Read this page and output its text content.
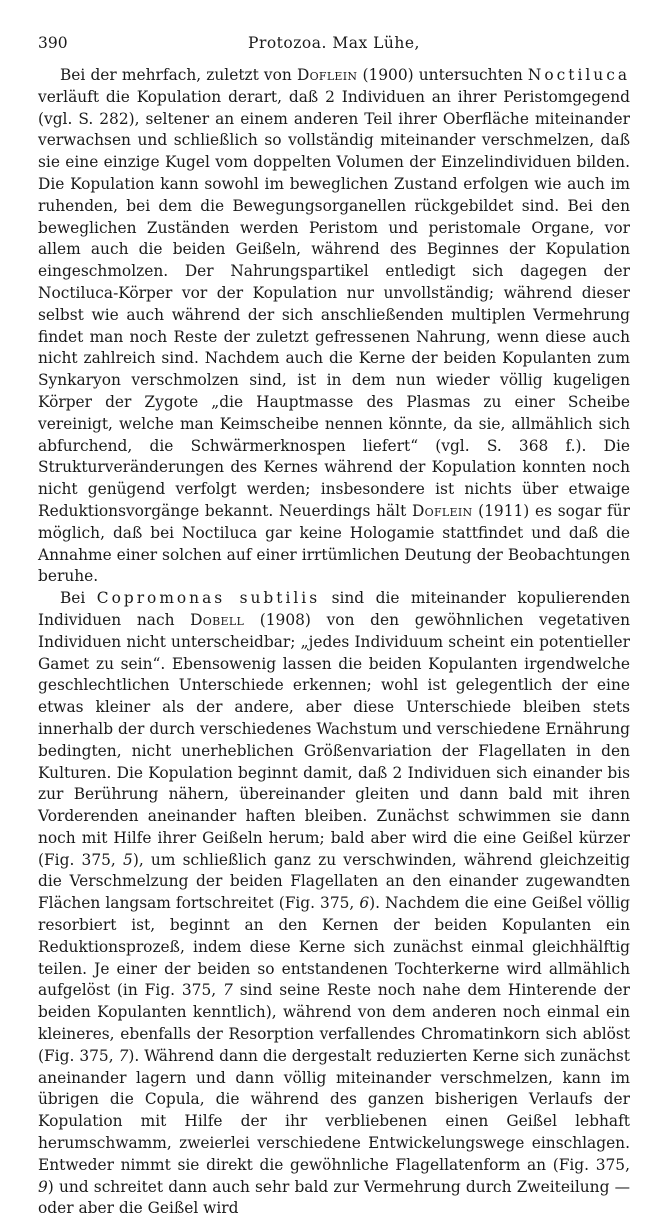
390	Protozoa. Max Lühe,

Bei der mehrfach, zuletzt von Doflein (1900) untersuchten Noctiluca verläuft die Kopulation derart, daß 2 Individuen an ihrer Peristomgegend (vgl. S. 282), seltener an einem anderen Teil ihrer Oberfläche miteinander verwachsen und schließlich so vollständig miteinander verschmelzen, daß sie eine einzige Kugel vom doppelten Volumen der Einzelindividuen bilden. Die Kopulation kann sowohl im beweglichen Zustand erfolgen wie auch im ruhenden, bei dem die Bewegungsorganellen rückgebildet sind. Bei den beweglichen Zuständen werden Peristom und peristomale Organe, vor allem auch die beiden Geißeln, während des Beginnes der Kopulation eingeschmolzen. Der Nahrungspartikel entledigt sich dagegen der Noctiluca-Körper vor der Kopulation nur unvollständig; während dieser selbst wie auch während der sich anschließenden multiplen Vermehrung findet man noch Reste der zuletzt gefressenen Nahrung, wenn diese auch nicht zahlreich sind. Nachdem auch die Kerne der beiden Kopulanten zum Synkaryon verschmolzen sind, ist in dem nun wieder völlig kugeligen Körper der Zygote „die Hauptmasse des Plasmas zu einer Scheibe vereinigt, welche man Keimscheibe nennen könnte, da sie, allmählich sich abfurchend, die Schwärmerknospen liefert“ (vgl. S. 368 f.). Die Strukturveränderungen des Kernes während der Kopulation konnten noch nicht genügend verfolgt werden; insbesondere ist nichts über etwaige Reduktionsvorgänge bekannt. Neuerdings hält Doflein (1911) es sogar für möglich, daß bei Noctiluca gar keine Hologamie stattfindet und daß die Annahme einer solchen auf einer irrtümlichen Deutung der Beobachtungen beruhe.

Bei Copromonas subtilis sind die miteinander kopulierenden Individuen nach Dobell (1908) von den gewöhnlichen vegetativen Individuen nicht unterscheidbar; „jedes Individuum scheint ein potentieller Gamet zu sein“. Ebensowenig lassen die beiden Kopulanten irgendwelche geschlechtlichen Unterschiede erkennen; wohl ist gelegentlich der eine etwas kleiner als der andere, aber diese Unterschiede bleiben stets innerhalb der durch verschiedenes Wachstum und verschiedene Ernährung bedingten, nicht unerheblichen Größenvariation der Flagellaten in den Kulturen. Die Kopulation beginnt damit, daß 2 Individuen sich einander bis zur Berührung nähern, übereinander gleiten und dann bald mit ihren Vorderenden aneinander haften bleiben. Zunächst schwimmen sie dann noch mit Hilfe ihrer Geißeln herum; bald aber wird die eine Geißel kürzer (Fig. 375, 5), um schließlich ganz zu verschwinden, während gleichzeitig die Verschmelzung der beiden Flagellaten an den einander zugewandten Flächen langsam fortschreitet (Fig. 375, 6). Nachdem die eine Geißel völlig resorbiert ist, beginnt an den Kernen der beiden Kopulanten ein Reduktionsprozeß, indem diese Kerne sich zunächst einmal gleichhälftig teilen. Je einer der beiden so entstandenen Tochterkerne wird allmählich aufgelöst (in Fig. 375, 7 sind seine Reste noch nahe dem Hinterende der beiden Kopulanten kenntlich), während von dem anderen noch einmal ein kleineres, ebenfalls der Resorption verfallendes Chromatinkorn sich ablöst (Fig. 375, 7). Während dann die dergestalt reduzierten Kerne sich zunächst aneinander lagern und dann völlig miteinander verschmelzen, kann im übrigen die Copula, die während des ganzen bisherigen Verlaufs der Kopulation mit Hilfe der ihr verbliebenen einen Geißel lebhaft herumschwamm, zweierlei verschiedene Entwickelungswege einschlagen. Entweder nimmt sie direkt die gewöhnliche Flagellatenform an (Fig. 375, 9) und schreitet dann auch sehr bald zur Vermehrung durch Zweiteilung — oder aber die Geißel wird
